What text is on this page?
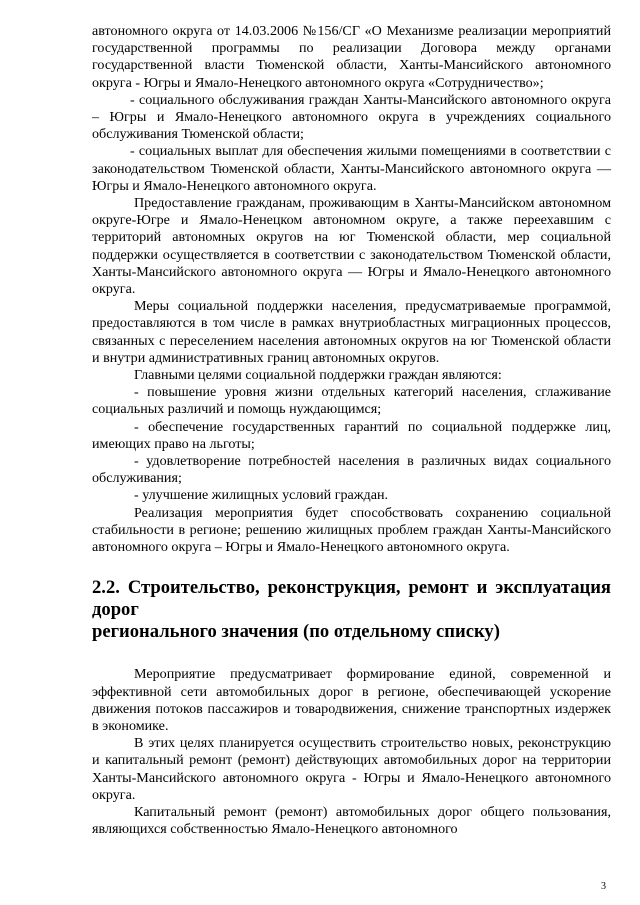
автономного округа от 14.03.2006 №156/СГ «О Механизме реализации мероприятий государственной программы по реализации Договора между органами государственной власти Тюменской области, Ханты-Мансийского автономного округа - Югры и Ямало-Ненецкого автономного округа «Сотрудничество»;

- социального обслуживания граждан Ханты-Мансийского автономного округа – Югры и Ямало-Ненецкого автономного округа в учреждениях социального обслуживания Тюменской области;

- социальных выплат для обеспечения жилыми помещениями в соответствии с законодательством Тюменской области, Ханты-Мансийского автономного округа — Югры и Ямало-Ненецкого автономного округа.

Предоставление гражданам, проживающим в Ханты-Мансийском автономном округе-Югре и Ямало-Ненецком автономном округе, а также переехавшим с территорий автономных округов на юг Тюменской области, мер социальной поддержки осуществляется в соответствии с законодательством Тюменской области, Ханты-Мансийского автономного округа — Югры и Ямало-Ненецкого автономного округа.

Меры социальной поддержки населения, предусматриваемые программой, предоставляются в том числе в рамках внутриобластных миграционных процессов, связанных с переселением населения автономных округов на юг Тюменской области и внутри административных границ автономных округов.

Главными целями социальной поддержки граждан являются:

- повышение уровня жизни отдельных категорий населения, сглаживание социальных различий и помощь нуждающимся;

- обеспечение государственных гарантий по социальной поддержке лиц, имеющих право на льготы;

- удовлетворение потребностей населения в различных видах социального обслуживания;

- улучшение жилищных условий граждан.

Реализация мероприятия будет способствовать сохранению социальной стабильности в регионе; решению жилищных проблем граждан Ханты-Мансийского автономного округа – Югры и Ямало-Ненецкого автономного округа.

2.2. Строительство, реконструкция, ремонт и эксплуатация дорог
регионального значения (по отдельному списку)

Мероприятие предусматривает формирование единой, современной и эффективной сети автомобильных дорог в регионе, обеспечивающей ускорение движения потоков пассажиров и товародвижения, снижение транспортных издержек в экономике.

В этих целях планируется осуществить строительство новых, реконструкцию и капитальный ремонт (ремонт) действующих автомобильных дорог на территории Ханты-Мансийского автономного округа - Югры и Ямало-Ненецкого автономного округа.

Капитальный ремонт (ремонт) автомобильных дорог общего пользования, являющихся собственностью Ямало-Ненецкого автономного

3
